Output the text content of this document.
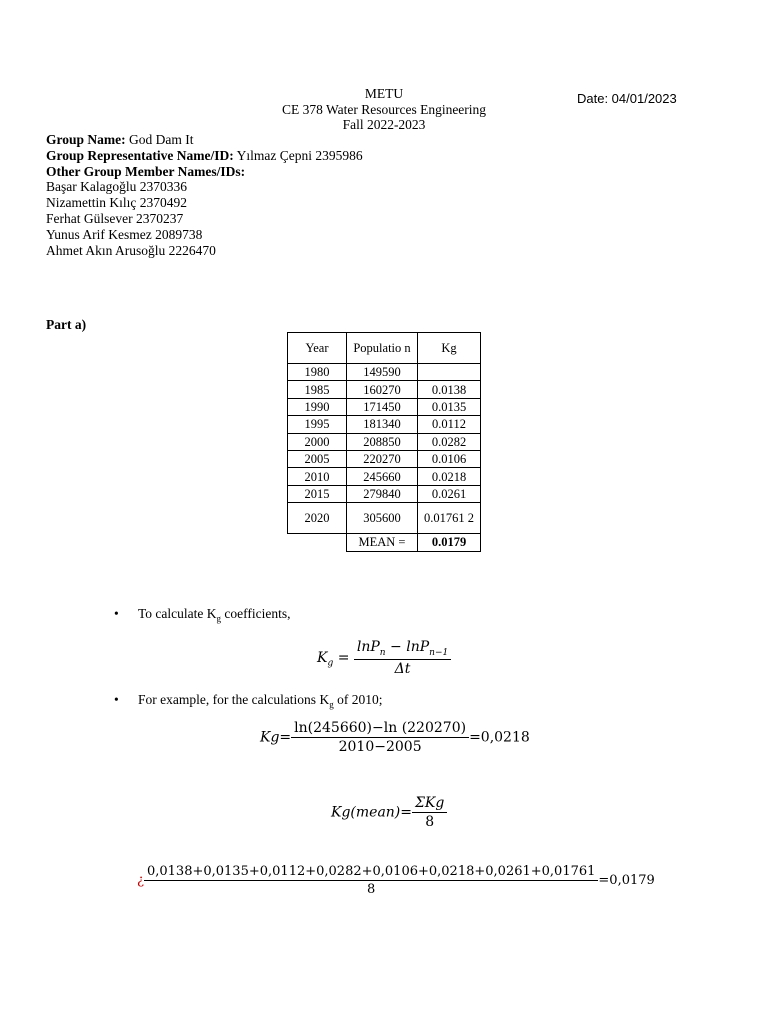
METU
CE 378 Water Resources Engineering
Fall 2022-2023
Date: 04/01/2023
Group Name: God Dam It
Group Representative Name/ID: Yılmaz Çepni 2395986
Other Group Member Names/IDs:
Başar Kalagoğlu 2370336
Nizamettin Kılıç 2370492
Ferhat Gülsever 2370237
Yunus Arif Kesmez 2089738
Ahmet Akın Arusoğlu 2226470
Part a)
Year	Populatio n	Kg
1980	149590	
1985	160270	0.0138
1990	171450	0.0135
1995	181340	0.0112
2000	208850	0.0282
2005	220270	0.0106
2010	245660	0.0218
2015	279840	0.0261
2020	305600	0.01761 2
	MEAN =	0.0179
• To calculate $K_g$ coefficients,
$K_g = \frac{\ln P_n - \ln P_{n-1}}{\Delta t}$
• For example, for the calculations $K_g$ of 2010;
$Kg= \frac{\ln(245660)-\ln (220270)}{2010-2005} =0,0218$
Kg(mean)= $\frac{\text{ΣKg}}{8}$
¿ $\frac{0,0138+0,0135+0,0112+0,0282+0,0106+0,0218+0,0261+0,01761}{8} =0,0179$
